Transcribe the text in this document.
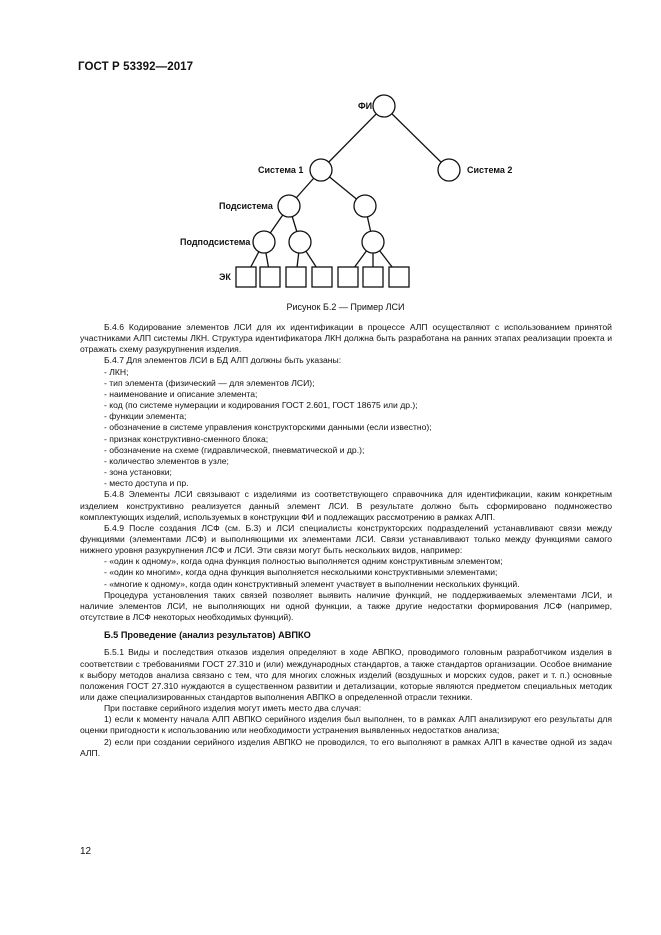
ГОСТ Р 53392—2017
ФИ
Система 1	Система 2
Подсистема
Подподсистема
ЭК
Рисунок Б.2 — Пример ЛСИ

Б.4.6 Кодирование элементов ЛСИ для их идентификации в процессе АЛП осуществляют с использованием принятой участниками АЛП системы ЛКН. Структура идентификатора ЛКН должна быть разработана на ранних этапах реализации проекта и отражать схему разукрупнения изделия.

Б.4.7 Для элементов ЛСИ в БД АЛП должны быть указаны:

- ЛКН;

- тип элемента (физический — для элементов ЛСИ);

- наименование и описание элемента;

- код (по системе нумерации и кодирования ГОСТ 2.601, ГОСТ 18675 или др.);

- функции элемента;

- обозначение в системе управления конструкторскими данными (если известно);

- признак конструктивно-сменного блока;

- обозначение на схеме (гидравлической, пневматической и др.);

- количество элементов в узле;

- зона установки;

- место доступа и пр.

Б.4.8 Элементы ЛСИ связывают с изделиями из соответствующего справочника для идентификации, каким конкретным изделием конструктивно реализуется данный элемент ЛСИ. В результате должно быть сформировано подмножество комплектующих изделий, используемых в конструкции ФИ и подлежащих рассмотрению в рамках АЛП.

Б.4.9 После создания ЛСФ (см. Б.3) и ЛСИ специалисты конструкторских подразделений устанавливают связи между функциями (элементами ЛСФ) и выполняющими их элементами ЛСИ. Связи устанавливают только между функциями самого нижнего уровня разукрупнения ЛСФ и ЛСИ. Эти связи могут быть нескольких видов, например:

- «один к одному», когда одна функция полностью выполняется одним конструктивным элементом;

- «один ко многим», когда одна функция выполняется несколькими конструктивными элементами;

- «многие к одному», когда один конструктивный элемент участвует в выполнении нескольких функций.

Процедура установления таких связей позволяет выявить наличие функций, не поддерживаемых элементами ЛСИ, и наличие элементов ЛСИ, не выполняющих ни одной функции, а также другие недостатки формирования ЛСФ (например, отсутствие в ЛСФ некоторых необходимых функций).

Б.5 Проведение (анализ результатов) АВПКО

Б.5.1 Виды и последствия отказов изделия определяют в ходе АВПКО, проводимого головным разработчиком изделия в соответствии с требованиями ГОСТ 27.310 и (или) международных стандартов, а также стандартов организации. Особое внимание к выбору методов анализа связано с тем, что для многих сложных изделий (воздушных и морских судов, ракет и т. п.) основные положения ГОСТ 27.310 нуждаются в существенном развитии и детализации, которые являются предметом специальных методик или даже специализированных стандартов выполнения АВПКО в определенной отрасли техники.

При поставке серийного изделия могут иметь место два случая:

1) если к моменту начала АЛП АВПКО серийного изделия был выполнен, то в рамках АЛП анализируют его результаты для оценки пригодности к использованию или необходимости устранения выявленных недостатков анализа;

2) если при создании серийного изделия АВПКО не проводился, то его выполняют в рамках АЛП в качестве одной из задач АЛП.

12
